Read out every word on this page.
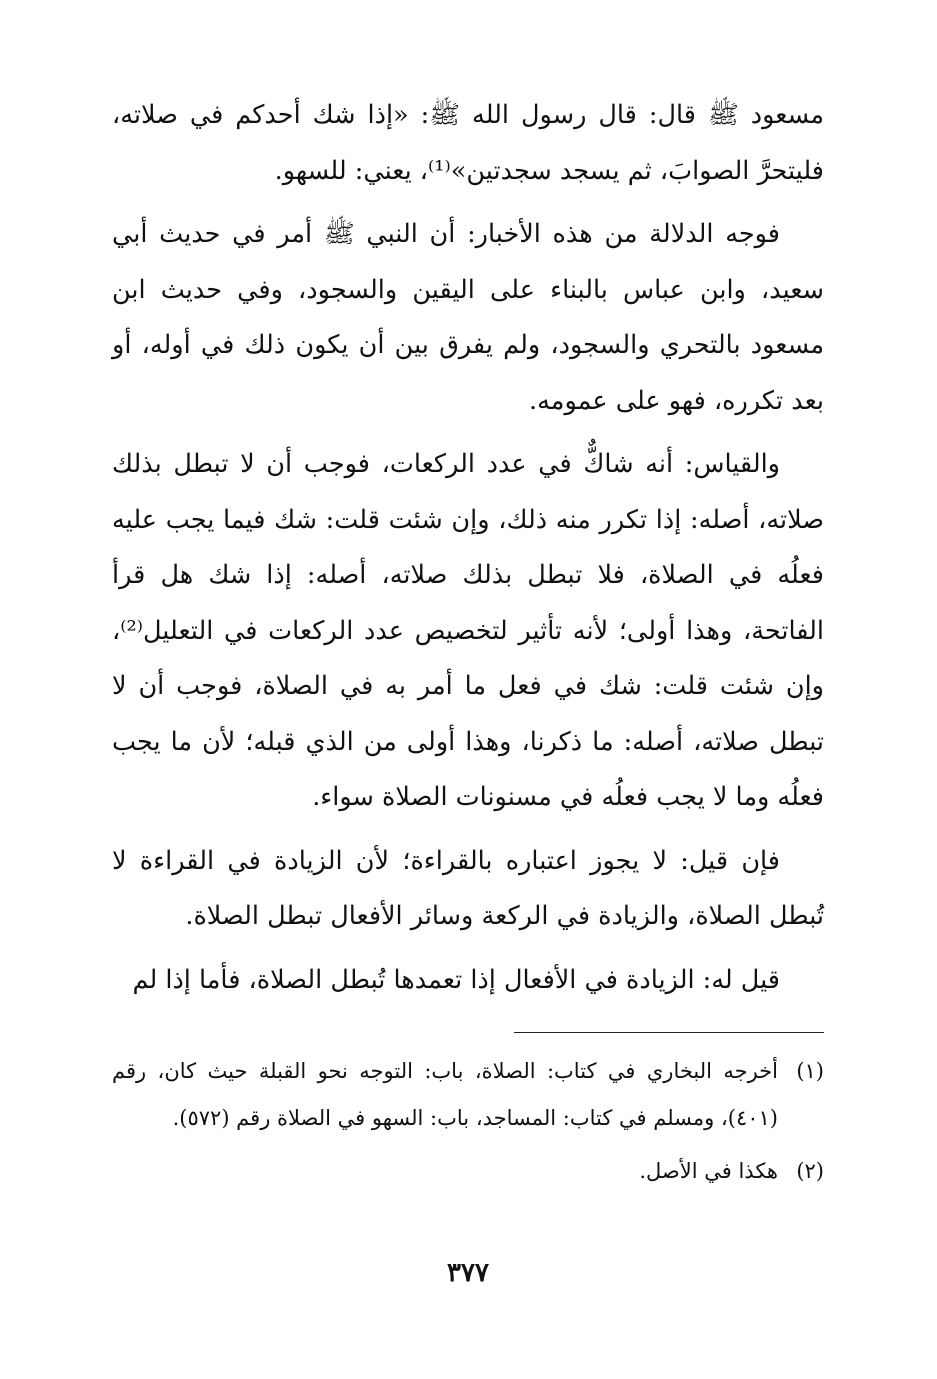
مسعود ﷺ قال: قال رسول الله ﷺ: «إذا شك أحدكم في صلاته، فليتحرَّ الصوابَ، ثم يسجد سجدتين»⁽¹⁾، يعني: للسهو.

فوجه الدلالة من هذه الأخبار: أن النبي ﷺ أمر في حديث أبي سعيد، وابن عباس بالبناء على اليقين والسجود، وفي حديث ابن مسعود بالتحري والسجود، ولم يفرق بين أن يكون ذلك في أوله، أو بعد تكرره، فهو على عمومه.

والقياس: أنه شاكٌّ في عدد الركعات، فوجب أن لا تبطل بذلك صلاته، أصله: إذا تكرر منه ذلك، وإن شئت قلت: شك فيما يجب عليه فعلُه في الصلاة، فلا تبطل بذلك صلاته، أصله: إذا شك هل قرأ الفاتحة، وهذا أولى؛ لأنه تأثير لتخصيص عدد الركعات في التعليل⁽²⁾، وإن شئت قلت: شك في فعل ما أمر به في الصلاة، فوجب أن لا تبطل صلاته، أصله: ما ذكرنا، وهذا أولى من الذي قبله؛ لأن ما يجب فعلُه وما لا يجب فعلُه في مسنونات الصلاة سواء.

فإن قيل: لا يجوز اعتباره بالقراءة؛ لأن الزيادة في القراءة لا تُبطل الصلاة، والزيادة في الركعة وسائر الأفعال تبطل الصلاة.

قيل له: الزيادة في الأفعال إذا تعمدها تُبطل الصلاة، فأما إذا لم

(١)
أخرجه البخاري في كتاب: الصلاة، باب: التوجه نحو القبلة حيث كان، رقم (٤٠١)، ومسلم في كتاب: المساجد، باب: السهو في الصلاة رقم (٥٧٢).
(٢)
هكذا في الأصل.
٣٧٧
